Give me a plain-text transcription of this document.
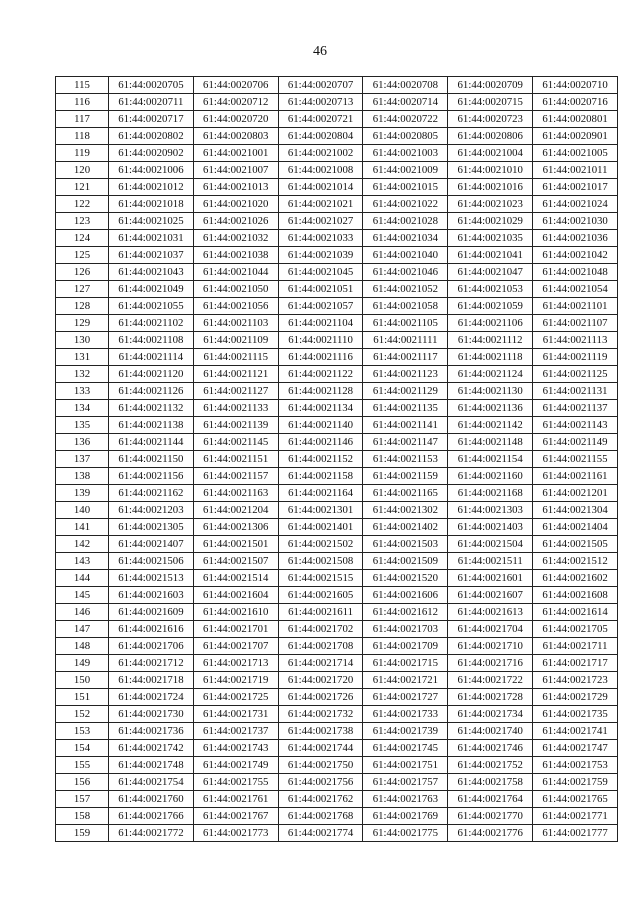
46
115	61:44:0020705	61:44:0020706	61:44:0020707	61:44:0020708	61:44:0020709	61:44:0020710
116	61:44:0020711	61:44:0020712	61:44:0020713	61:44:0020714	61:44:0020715	61:44:0020716
117	61:44:0020717	61:44:0020720	61:44:0020721	61:44:0020722	61:44:0020723	61:44:0020801
118	61:44:0020802	61:44:0020803	61:44:0020804	61:44:0020805	61:44:0020806	61:44:0020901
119	61:44:0020902	61:44:0021001	61:44:0021002	61:44:0021003	61:44:0021004	61:44:0021005
120	61:44:0021006	61:44:0021007	61:44:0021008	61:44:0021009	61:44:0021010	61:44:0021011
121	61:44:0021012	61:44:0021013	61:44:0021014	61:44:0021015	61:44:0021016	61:44:0021017
122	61:44:0021018	61:44:0021020	61:44:0021021	61:44:0021022	61:44:0021023	61:44:0021024
123	61:44:0021025	61:44:0021026	61:44:0021027	61:44:0021028	61:44:0021029	61:44:0021030
124	61:44:0021031	61:44:0021032	61:44:0021033	61:44:0021034	61:44:0021035	61:44:0021036
125	61:44:0021037	61:44:0021038	61:44:0021039	61:44:0021040	61:44:0021041	61:44:0021042
126	61:44:0021043	61:44:0021044	61:44:0021045	61:44:0021046	61:44:0021047	61:44:0021048
127	61:44:0021049	61:44:0021050	61:44:0021051	61:44:0021052	61:44:0021053	61:44:0021054
128	61:44:0021055	61:44:0021056	61:44:0021057	61:44:0021058	61:44:0021059	61:44:0021101
129	61:44:0021102	61:44:0021103	61:44:0021104	61:44:0021105	61:44:0021106	61:44:0021107
130	61:44:0021108	61:44:0021109	61:44:0021110	61:44:0021111	61:44:0021112	61:44:0021113
131	61:44:0021114	61:44:0021115	61:44:0021116	61:44:0021117	61:44:0021118	61:44:0021119
132	61:44:0021120	61:44:0021121	61:44:0021122	61:44:0021123	61:44:0021124	61:44:0021125
133	61:44:0021126	61:44:0021127	61:44:0021128	61:44:0021129	61:44:0021130	61:44:0021131
134	61:44:0021132	61:44:0021133	61:44:0021134	61:44:0021135	61:44:0021136	61:44:0021137
135	61:44:0021138	61:44:0021139	61:44:0021140	61:44:0021141	61:44:0021142	61:44:0021143
136	61:44:0021144	61:44:0021145	61:44:0021146	61:44:0021147	61:44:0021148	61:44:0021149
137	61:44:0021150	61:44:0021151	61:44:0021152	61:44:0021153	61:44:0021154	61:44:0021155
138	61:44:0021156	61:44:0021157	61:44:0021158	61:44:0021159	61:44:0021160	61:44:0021161
139	61:44:0021162	61:44:0021163	61:44:0021164	61:44:0021165	61:44:0021168	61:44:0021201
140	61:44:0021203	61:44:0021204	61:44:0021301	61:44:0021302	61:44:0021303	61:44:0021304
141	61:44:0021305	61:44:0021306	61:44:0021401	61:44:0021402	61:44:0021403	61:44:0021404
142	61:44:0021407	61:44:0021501	61:44:0021502	61:44:0021503	61:44:0021504	61:44:0021505
143	61:44:0021506	61:44:0021507	61:44:0021508	61:44:0021509	61:44:0021511	61:44:0021512
144	61:44:0021513	61:44:0021514	61:44:0021515	61:44:0021520	61:44:0021601	61:44:0021602
145	61:44:0021603	61:44:0021604	61:44:0021605	61:44:0021606	61:44:0021607	61:44:0021608
146	61:44:0021609	61:44:0021610	61:44:0021611	61:44:0021612	61:44:0021613	61:44:0021614
147	61:44:0021616	61:44:0021701	61:44:0021702	61:44:0021703	61:44:0021704	61:44:0021705
148	61:44:0021706	61:44:0021707	61:44:0021708	61:44:0021709	61:44:0021710	61:44:0021711
149	61:44:0021712	61:44:0021713	61:44:0021714	61:44:0021715	61:44:0021716	61:44:0021717
150	61:44:0021718	61:44:0021719	61:44:0021720	61:44:0021721	61:44:0021722	61:44:0021723
151	61:44:0021724	61:44:0021725	61:44:0021726	61:44:0021727	61:44:0021728	61:44:0021729
152	61:44:0021730	61:44:0021731	61:44:0021732	61:44:0021733	61:44:0021734	61:44:0021735
153	61:44:0021736	61:44:0021737	61:44:0021738	61:44:0021739	61:44:0021740	61:44:0021741
154	61:44:0021742	61:44:0021743	61:44:0021744	61:44:0021745	61:44:0021746	61:44:0021747
155	61:44:0021748	61:44:0021749	61:44:0021750	61:44:0021751	61:44:0021752	61:44:0021753
156	61:44:0021754	61:44:0021755	61:44:0021756	61:44:0021757	61:44:0021758	61:44:0021759
157	61:44:0021760	61:44:0021761	61:44:0021762	61:44:0021763	61:44:0021764	61:44:0021765
158	61:44:0021766	61:44:0021767	61:44:0021768	61:44:0021769	61:44:0021770	61:44:0021771
159	61:44:0021772	61:44:0021773	61:44:0021774	61:44:0021775	61:44:0021776	61:44:0021777
